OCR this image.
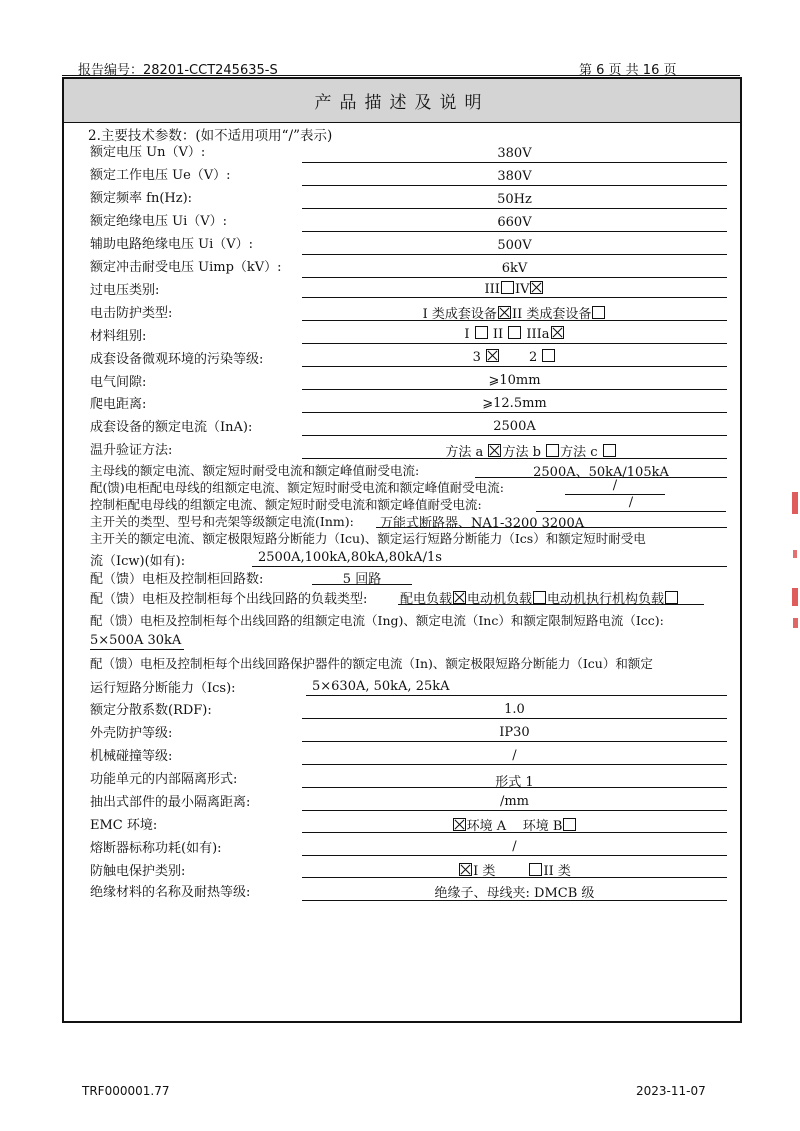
报告编号：28201-CCT245635-S	第 6 页 共 16 页
产品描述及说明
2.主要技术参数：(如不适用项用“/”表示)
额定电压 Un（V）:	380V
额定工作电压 Ue（V）:	380V
额定频率 fn(Hz):	50Hz
额定绝缘电压 Ui（V）:	660V
辅助电路绝缘电压 Ui（V）:	500V
额定冲击耐受电压 Uimp（kV）:	6kV
过电压类别:	III IV
电击防护类型:	I 类成套设备 II 类成套设备
材料组别:	I II IIIa
成套设备微观环境的污染等级:	3	2
电气间隙:	⩾10mm
爬电距离:	⩾12.5mm
成套设备的额定电流（InA):	2500A
温升验证方法:	方法 a 方法 b 方法 c
主母线的额定电流、额定短时耐受电流和额定峰值耐受电流:	2500A、50kA/105kA
配(馈)电柜配电母线的组额定电流、额定短时耐受电流和额定峰值耐受电流:	/
控制柜配电母线的组额定电流、额定短时耐受电流和额定峰值耐受电流:	/
主开关的类型、型号和壳架等级额定电流(Inm): 万能式断路器、NA1-3200 3200A
主开关的额定电流、额定极限短路分断能力（Icu)、额定运行短路分断能力（Ics）和额定短时耐受电
流（Icw)(如有):	2500A,100kA,80kA,80kA/1s
配（馈）电柜及控制柜回路数:	5 回路
配（馈）电柜及控制柜每个出线回路的负载类型:	配电负载 电动机负载 电动机执行机构负载
配（馈）电柜及控制柜每个出线回路的组额定电流（Ing)、额定电流（Inc）和额定限制短路电流（Icc):
5×500A 30kA
配（馈）电柜及控制柜每个出线回路保护器件的额定电流（In)、额定极限短路分断能力（Icu）和额定
运行短路分断能力（Ics):	5×630A, 50kA, 25kA
额定分散系数(RDF):	1.0
外壳防护等级:	IP30
机械碰撞等级:	/
功能单元的内部隔离形式:	形式 1
抽出式部件的最小隔离距离:	/mm
EMC 环境:	环境 A 环境 B
熔断器标称功耗(如有):	/
防触电保护类别:	I 类	II 类
绝缘材料的名称及耐热等级:	绝缘子、母线夹: DMCB 级
TRF000001.77	2023-11-07
